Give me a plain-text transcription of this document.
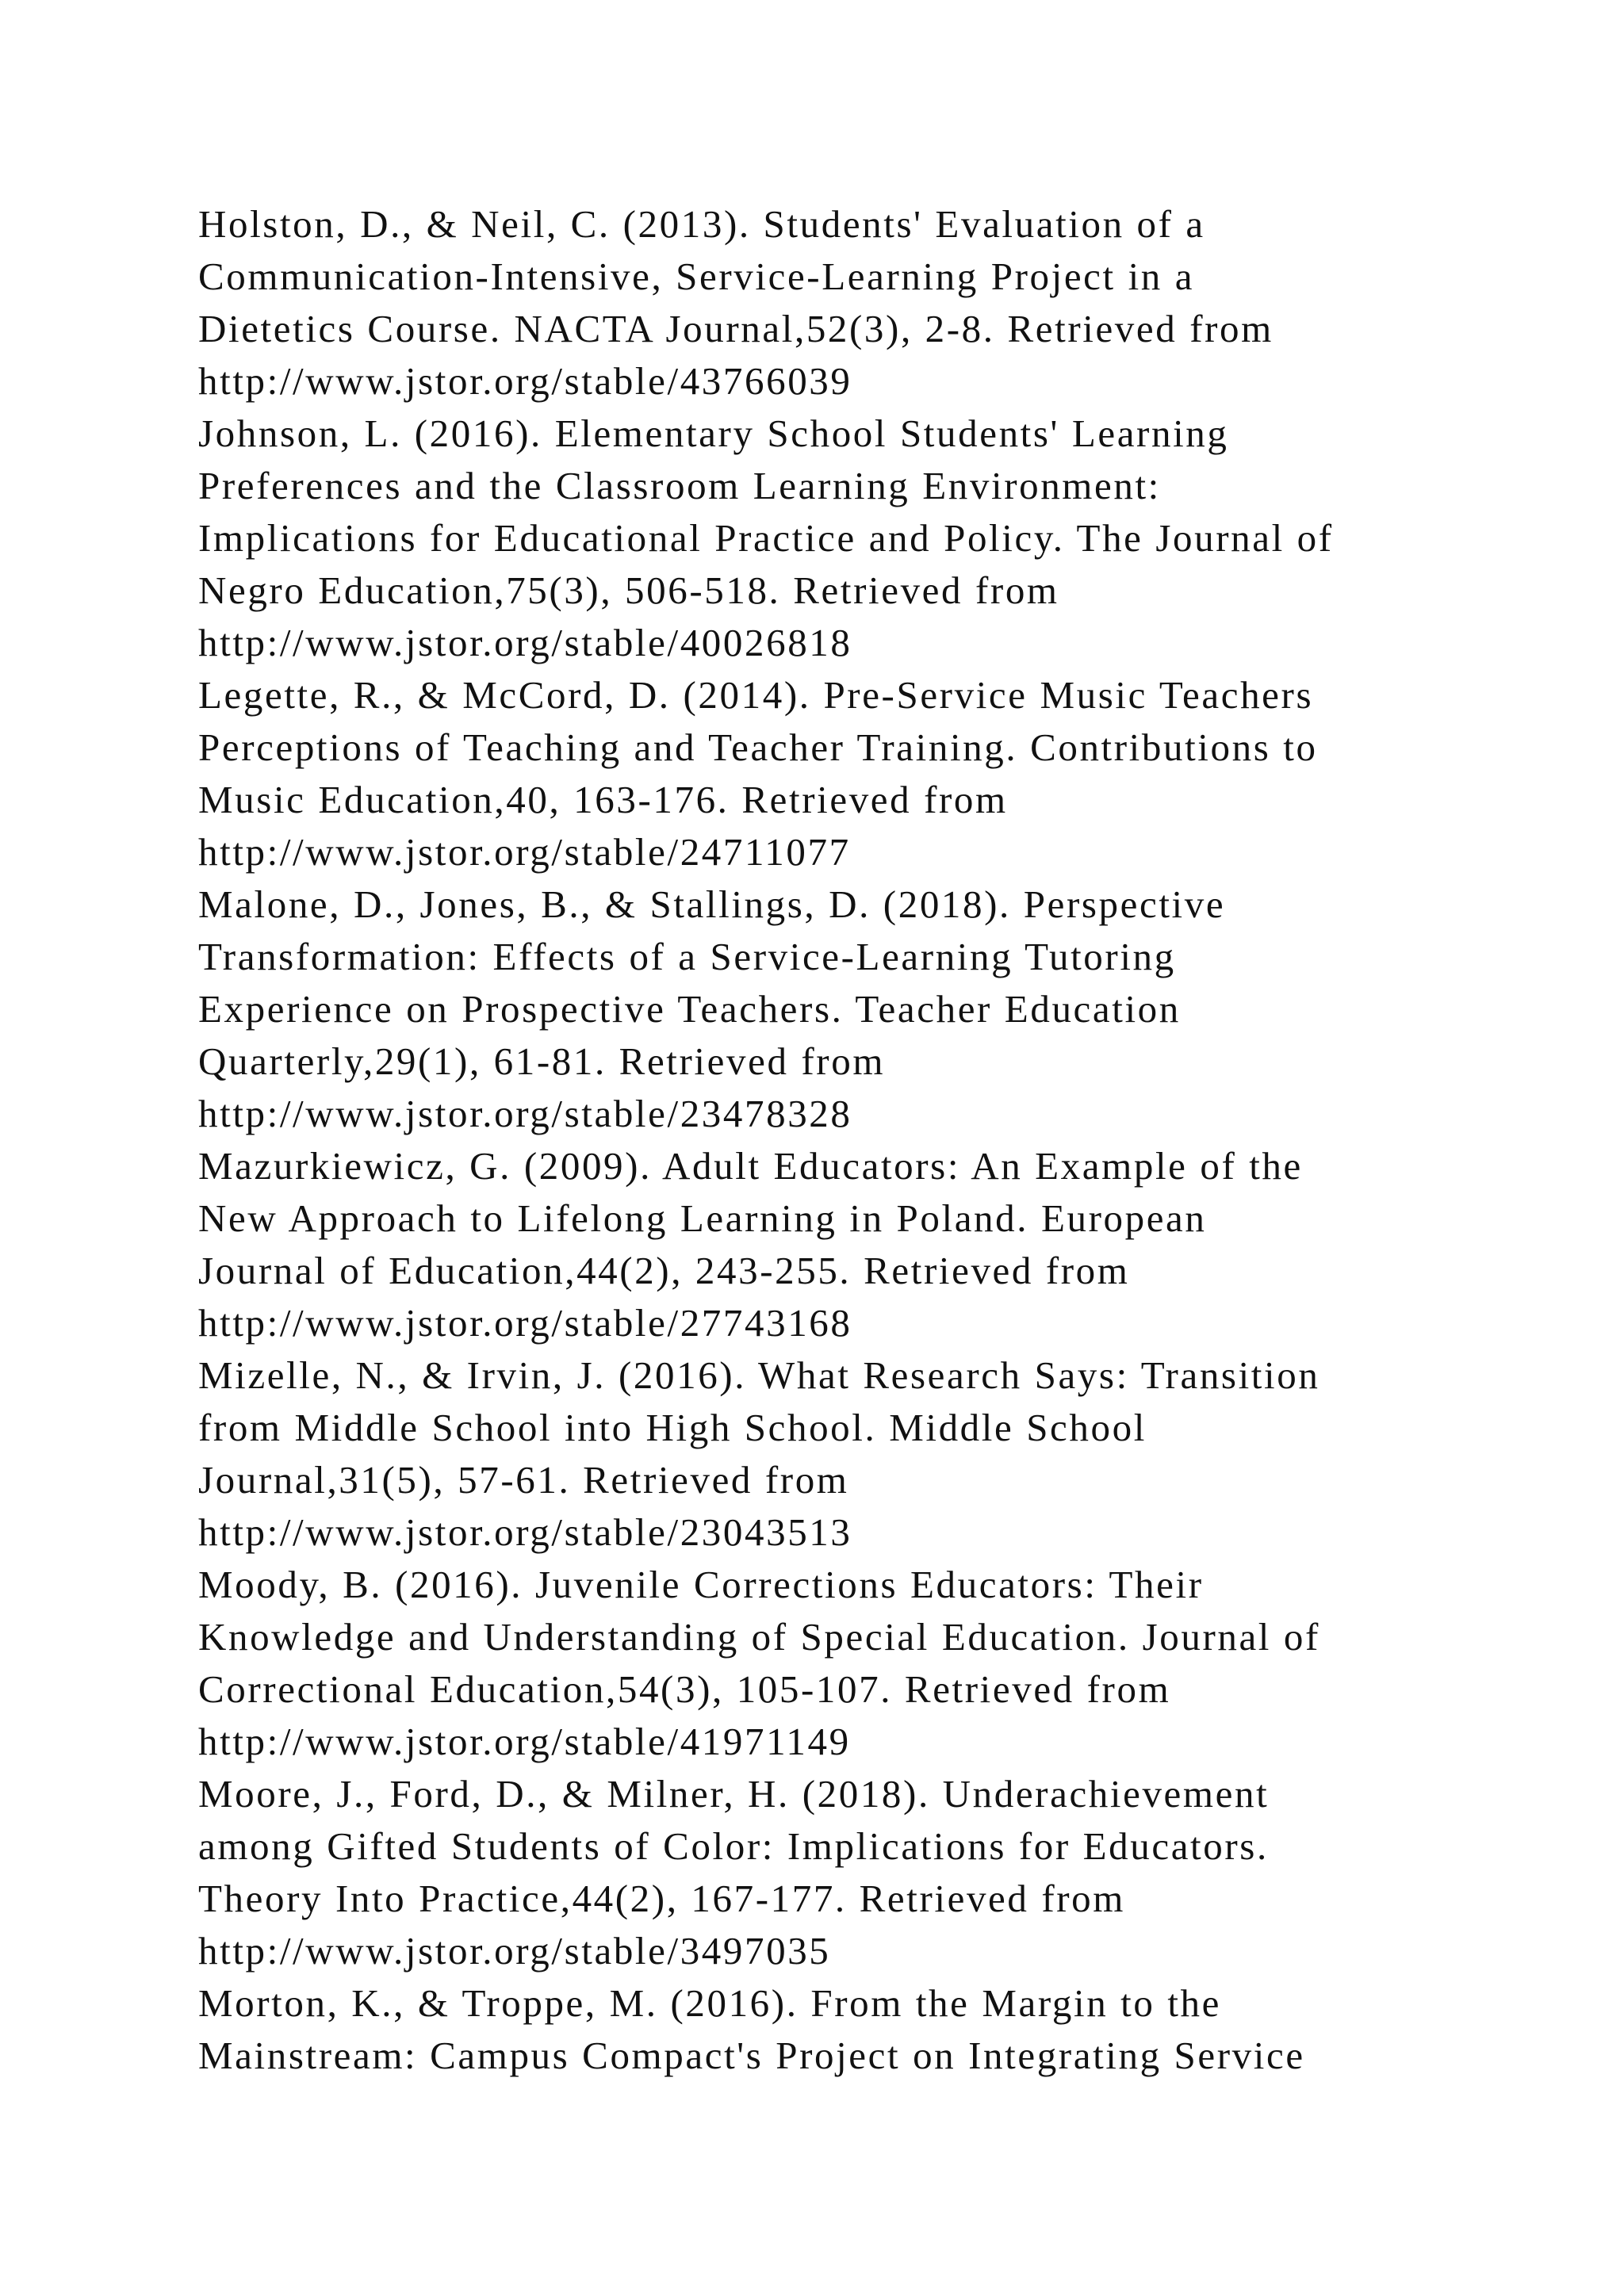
Holston, D., & Neil, C. (2013). Students' Evaluation of a
Communication-Intensive, Service-Learning Project in a
Dietetics Course. NACTA Journal,52(3), 2-8. Retrieved from
http://www.jstor.org/stable/43766039
Johnson, L. (2016). Elementary School Students' Learning
Preferences and the Classroom Learning Environment:
Implications for Educational Practice and Policy. The Journal of
Negro Education,75(3), 506-518. Retrieved from
http://www.jstor.org/stable/40026818
Legette, R., & McCord, D. (2014). Pre-Service Music Teachers
Perceptions of Teaching and Teacher Training. Contributions to
Music Education,40, 163-176. Retrieved from
http://www.jstor.org/stable/24711077
Malone, D., Jones, B., & Stallings, D. (2018). Perspective
Transformation: Effects of a Service-Learning Tutoring
Experience on Prospective Teachers. Teacher Education
Quarterly,29(1), 61-81. Retrieved from
http://www.jstor.org/stable/23478328
Mazurkiewicz, G. (2009). Adult Educators: An Example of the
New Approach to Lifelong Learning in Poland. European
Journal of Education,44(2), 243-255. Retrieved from
http://www.jstor.org/stable/27743168
Mizelle, N., & Irvin, J. (2016). What Research Says: Transition
from Middle School into High School. Middle School
Journal,31(5), 57-61. Retrieved from
http://www.jstor.org/stable/23043513
Moody, B. (2016). Juvenile Corrections Educators: Their
Knowledge and Understanding of Special Education. Journal of
Correctional Education,54(3), 105-107. Retrieved from
http://www.jstor.org/stable/41971149
Moore, J., Ford, D., & Milner, H. (2018). Underachievement
among Gifted Students of Color: Implications for Educators.
Theory Into Practice,44(2), 167-177. Retrieved from
http://www.jstor.org/stable/3497035
Morton, K., & Troppe, M. (2016). From the Margin to the
Mainstream: Campus Compact's Project on Integrating Service
